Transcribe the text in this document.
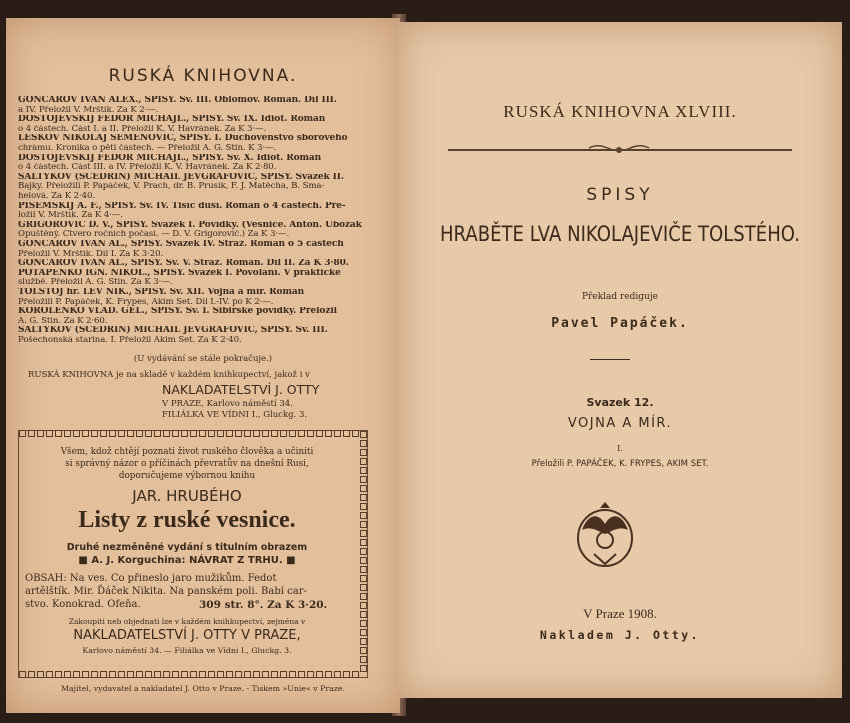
RUSKÁ KNIHOVNA.
GONČAROV IVAN ALEX., SPISY. Sv. III. Oblomov. Román. Díl III.
a IV. Přeložil V. Mrštík. Za K 2·—.
DOSTOJEVSKIJ FEDOR MICHAJL., SPISY. Sv. IX. Idiot. Román
o 4 částech. Část I. a II. Přeložil K. V. Havránek. Za K 3·—.
LESKOV NIKOLAJ SEMENOVIČ, SPISY. I. Duchovenstvo sborového
chrámu. Kronika o pěti částech. — Přeložil A. G. Stin. K 3·—.
DOSTOJEVSKIJ FEDOR MICHAJL., SPISY. Sv. X. Idiot. Román
o 4 částech. Část III. a IV. Přeložil K. V. Havránek. Za K 2·80.
SALTYKOV (ŠČEDRIN) MICHAIL JEVGRAFOVIČ, SPISY. Svazek II.
Bajky. Přeložili P. Papáček, V. Prach, dr. B. Prusík, F. J. Matěcha, B. Sma-
helová. Za K 2·40.
PISEMSKIJ A. F., SPISY. Sv. IV. Tisíc duší. Román o 4 částech. Pře-
ložil V. Mrštík. Za K 4·—.
GRIGOROVIČ D. V., SPISY. Svazek I. Povídky. (Vesnice. Anton. Ubožák
Opuštěný. Čtvero ročních počasí. — D. V. Grigorovič.) Za K 3·—.
GONČAROV IVAN AL., SPISY. Svazek IV. Stráž. Román o 5 částech
Přeložil V. Mrštík. Díl I. Za K 3·20.
GONČAROV IVAN AL., SPISY. Sv. V. Stráž. Román. Díl II. Za K 3·80.
POTAPENKO IGN. NIKOL., SPISY. Svazek I. Povolání. V praktické
službě. Přeložil A. G. Stin. Za K 3·—.
TOLSTOJ hr. LEV NIK., SPISY. Sv. XII. Vojna a mír. Román
Přeložili P. Papáček, K. Frypes, Akim Set. Díl I.-IV. po K 2·—.
KOROLENKO VLAD. GEL., SPISY. Sv. I. Sibiřské povídky. Přeložil
A. G. Stin. Za K 2·60.
SALTYKOV (ŠČEDRIN) MICHAIL JEVGRAFOVIČ, SPISY. Sv. III.
Pošechonská starina. I. Přeložil Akim Set. Za K 2·40.
(U vydávání se stále pokračuje.)
RUSKÁ KNIHOVNA je na skladě v každém knihkupectví, jakož i v
NAKLADATELSTVÍ J. OTTY
V PRAZE, Karlovo náměstí 34.
FILIÁLKA VE VÍDNI I., Gluckg. 3.
Všem, kdož chtějí poznati život ruského člověka a učiniti
si správný názor o příčinách převratův na dnešní Rusi,
doporučujeme výbornou knihu
JAR. HRUBÉHO
Listy z ruské vesnice.
Druhé nezměněné vydání s titulním obrazem
■ A. J. Korguchina: NÁVRAT Z TRHU. ■
OBSAH: Na ves. Co přineslo jaro mužikům. Fedot
artělštík. Mir. Ďáček Nikita. Na panském poli. Babí car-
stvo. Konokrad. Ofeňa.	309 str. 8°. Za K 3·20.
Zakoupiti neb objednati lze v každém knihkupectví, zejména v
NAKLADATELSTVÍ J. OTTY V PRAZE,
Karlovo náměstí 34. — Filiálka ve Vídni I., Gluckg. 3.
Majitel, vydavatel a nakladatel J. Otto v Praze. - Tiskem »Unie« v Praze.
RUSKÁ KNIHOVNA XLVIII.
SPISY
HRABĚTE LVA NIKOLAJEVIČE TOLSTÉHO.
Překlad rediguje
Pavel Papáček.
Svazek 12.
VOJNA A MÍR.
I.
Přeložili P. PAPÁČEK, K. FRYPES, AKIM SET.
V Praze 1908.
Nakladem J. Otty.
